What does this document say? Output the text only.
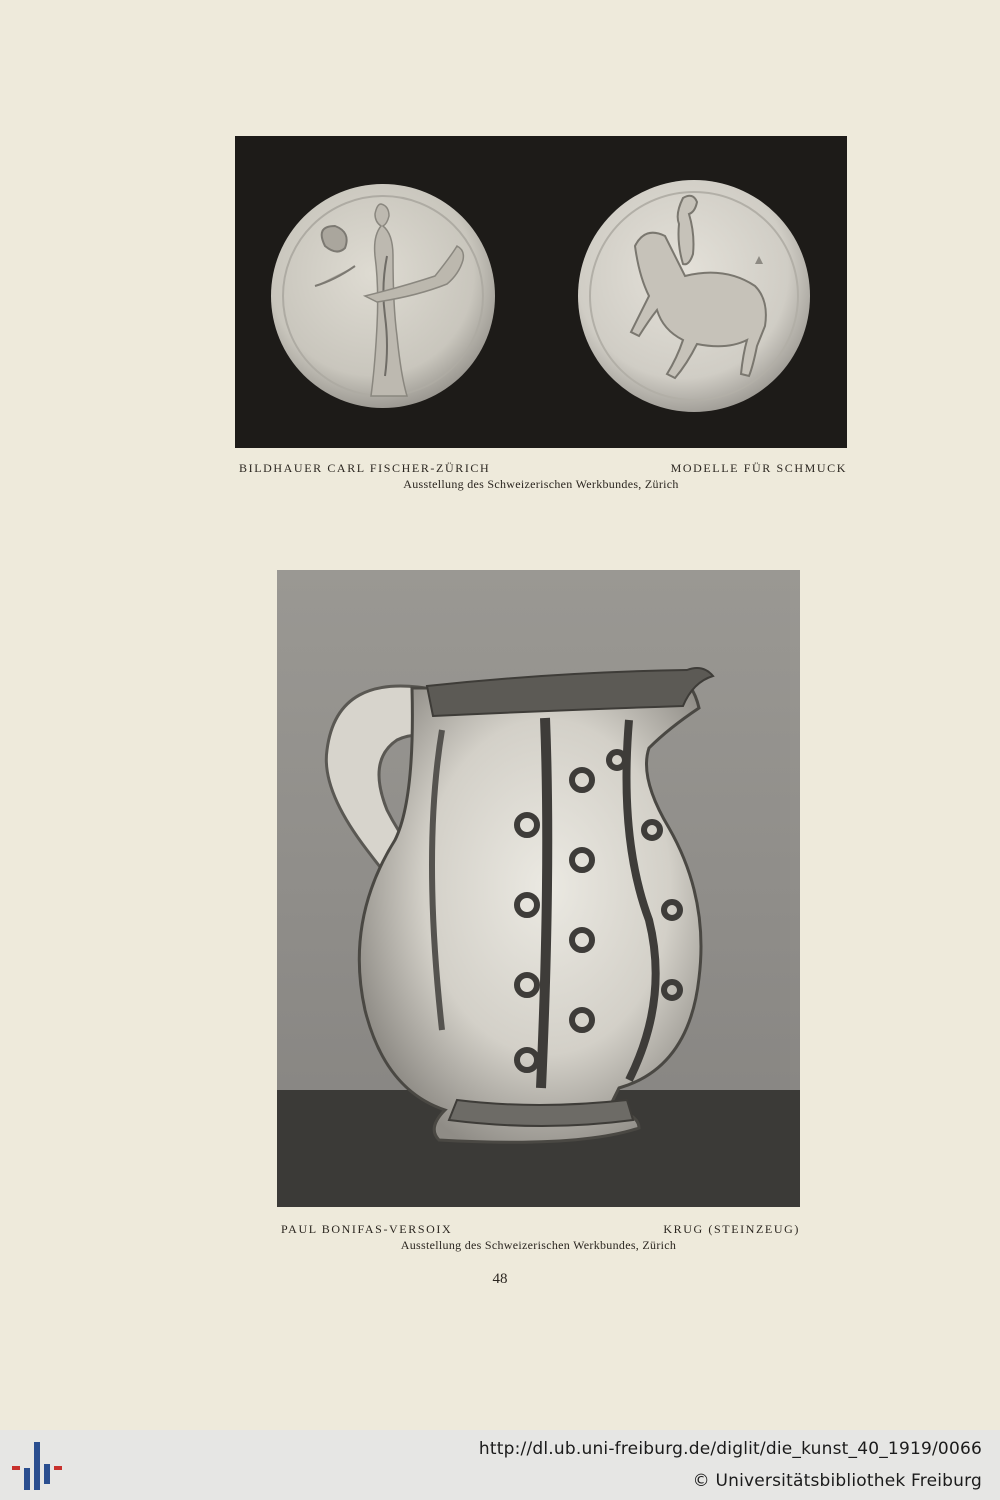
BILDHAUER CARL FISCHER-ZÜRICH	MODELLE FÜR SCHMUCK
Ausstellung des Schweizerischen Werkbundes, Zürich
PAUL BONIFAS-VERSOIX	KRUG (STEINZEUG)
Ausstellung des Schweizerischen Werkbundes, Zürich
48
http://dl.ub.uni-freiburg.de/diglit/die_kunst_40_1919/0066
© Universitätsbibliothek Freiburg
